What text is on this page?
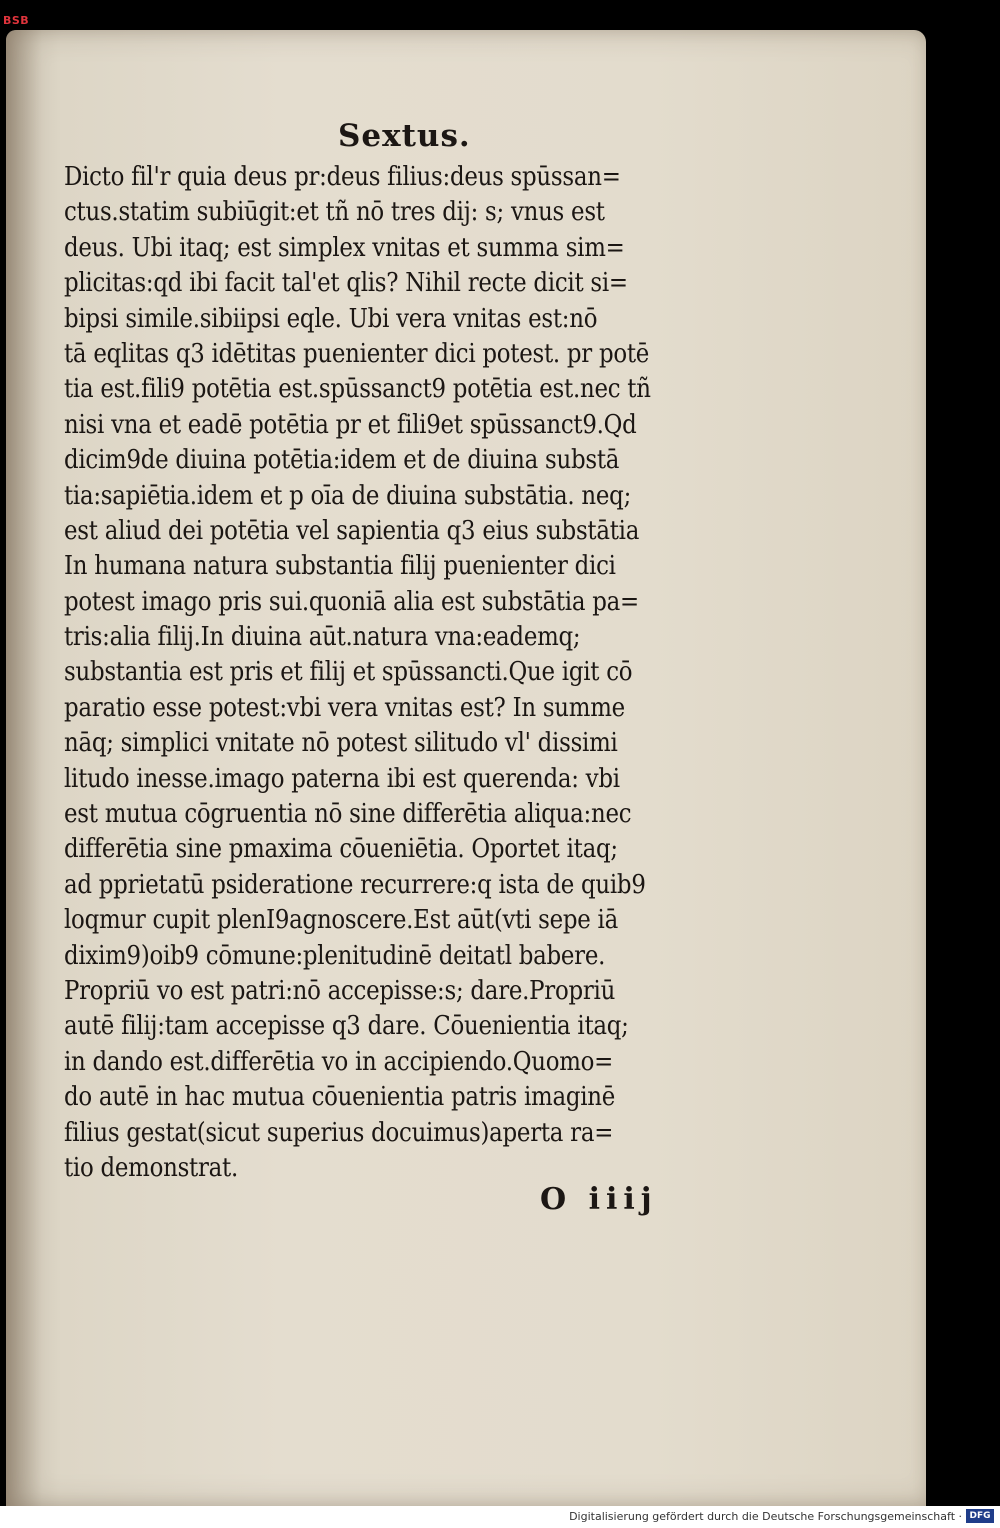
BSB
Sextus.
Dicto fil'r quia deus pr:deus filius:deus spūssan=
ctus.statim subiūgit:et tñ nō tres dij: s; vnus est
deus. Ubi itaq; est simplex vnitas et summa sim=
plicitas:qd ibi facit tal'et qlis? Nihil recte dicit si=
bipsi simile.sibiipsi eqle. Ubi vera vnitas est:nō
tā eqlitas q3 idētitas puenienter dici potest. pr potē
tia est.fili9 potētia est.spūssanct9 potētia est.nec tñ
nisi vna et eadē potētia pr et fili9et spūssanct9.Qd
dicim9de diuina potētia:idem et de diuina substā
tia:sapiētia.idem et p oīa de diuina substātia. neq;
est aliud dei potētia vel sapientia q3 eius substātia
In humana natura substantia filij puenienter dici
potest imago pris sui.quoniā alia est substātia pa=
tris:alia filij.In diuina aūt.natura vna:eademq;
substantia est pris et filij et spūssancti.Que igit cō
paratio esse potest:vbi vera vnitas est? In summe
nāq; simplici vnitate nō potest silitudo vl' dissimi
litudo inesse.imago paterna ibi est querenda: vbi
est mutua cōgruentia nō sine differētia aliqua:nec
differētia sine pmaxima cōueniētia. Oportet itaq;
ad pprietatū psideratione recurrere:q ista de quib9
loqmur cupit plenI9agnoscere.Est aūt(vti sepe iā
dixim9)oib9 cōmune:plenitudinē deitatl babere.
Propriū vo est patri:nō accepisse:s; dare.Propriū
autē filij:tam accepisse q3 dare. Cōuenientia itaq;
in dando est.differētia vo in accipiendo.Quomo=
do autē in hac mutua cōuenientia patris imaginē
filius gestat(sicut superius docuimus)aperta ra=
tio demonstrat.
O iiij
Digitalisierung gefördert durch die Deutsche Forschungsgemeinschaft · DFG
